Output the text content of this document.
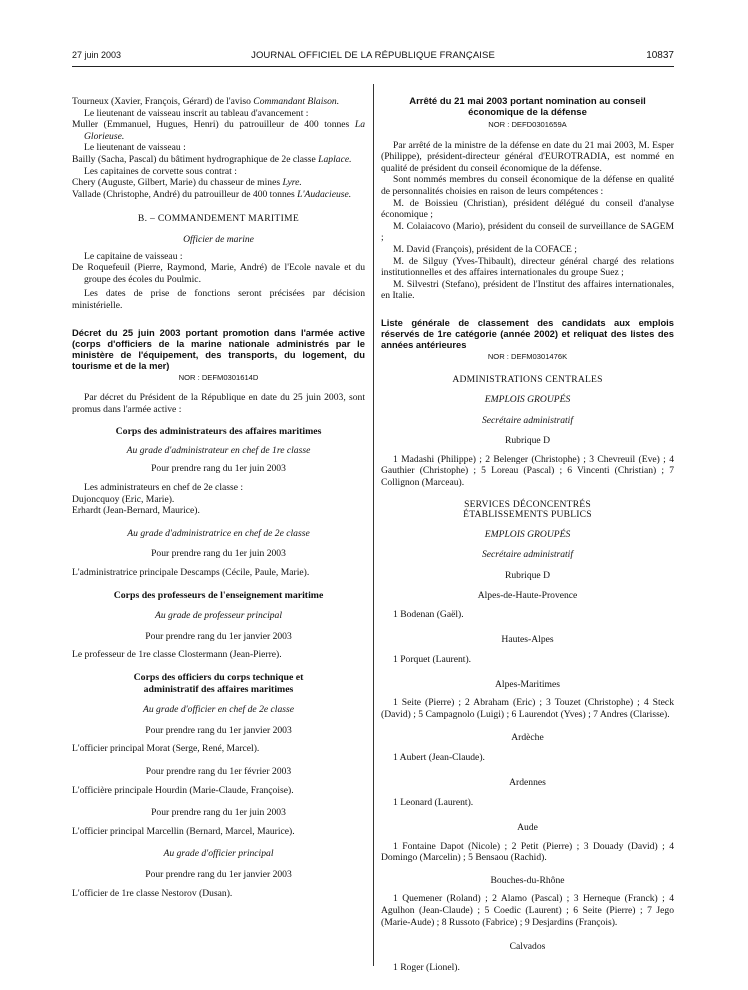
27 juin 2003	JOURNAL OFFICIEL DE LA RÉPUBLIQUE FRANÇAISE	10837

Tourneux (Xavier, François, Gérard) de l'aviso Commandant Blaison.

Le lieutenant de vaisseau inscrit au tableau d'avancement :

Muller (Emmanuel, Hugues, Henri) du patrouilleur de 400 tonnes La Glorieuse.

Le lieutenant de vaisseau :

Bailly (Sacha, Pascal) du bâtiment hydrographique de 2e classe Laplace.

Les capitaines de corvette sous contrat :

Chery (Auguste, Gilbert, Marie) du chasseur de mines Lyre.

Vallade (Christophe, André) du patrouilleur de 400 tonnes L'Audacieuse.

B. – COMMANDEMENT MARITIME

Officier de marine

Le capitaine de vaisseau :

De Roquefeuil (Pierre, Raymond, Marie, André) de l'Ecole navale et du groupe des écoles du Poulmic.

Les dates de prise de fonctions seront précisées par décision ministérielle.

Décret du 25 juin 2003 portant promotion dans l'armée active (corps d'officiers de la marine nationale administrés par le ministère de l'équipement, des transports, du logement, du tourisme et de la mer)

NOR : DEFM0301614D

Par décret du Président de la République en date du 25 juin 2003, sont promus dans l'armée active :

Corps des administrateurs des affaires maritimes

Au grade d'administrateur en chef de 1re classe

Pour prendre rang du 1er juin 2003

Les administrateurs en chef de 2e classe :

Dujoncquoy (Eric, Marie).

Erhardt (Jean-Bernard, Maurice).

Au grade d'administratrice en chef de 2e classe

Pour prendre rang du 1er juin 2003

L'administratrice principale Descamps (Cécile, Paule, Marie).

Corps des professeurs de l'enseignement maritime

Au grade de professeur principal

Pour prendre rang du 1er janvier 2003

Le professeur de 1re classe Clostermann (Jean-Pierre).

Corps des officiers du corps technique et administratif des affaires maritimes

Au grade d'officier en chef de 2e classe

Pour prendre rang du 1er janvier 2003

L'officier principal Morat (Serge, René, Marcel).

Pour prendre rang du 1er février 2003

L'officière principale Hourdin (Marie-Claude, Françoise).

Pour prendre rang du 1er juin 2003

L'officier principal Marcellin (Bernard, Marcel, Maurice).

Au grade d'officier principal

Pour prendre rang du 1er janvier 2003

L'officier de 1re classe Nestorov (Dusan).

Arrêté du 21 mai 2003 portant nomination au conseil économique de la défense

NOR : DEFD0301659A

Par arrêté de la ministre de la défense en date du 21 mai 2003, M. Esper (Philippe), président-directeur général d'EUROTRADIA, est nommé en qualité de président du conseil économique de la défense.

Sont nommés membres du conseil économique de la défense en qualité de personnalités choisies en raison de leurs compétences :

M. de Boissieu (Christian), président délégué du conseil d'analyse économique ;

M. Colaiacovo (Mario), président du conseil de surveillance de SAGEM ;

M. David (François), président de la COFACE ;

M. de Silguy (Yves-Thibault), directeur général chargé des relations institutionnelles et des affaires internationales du groupe Suez ;

M. Silvestri (Stefano), président de l'Institut des affaires internationales, en Italie.

Liste générale de classement des candidats aux emplois réservés de 1re catégorie (année 2002) et reliquat des listes des années antérieures

NOR : DEFM0301476K

ADMINISTRATIONS CENTRALES

EMPLOIS GROUPÉS

Secrétaire administratif

Rubrique D

1 Madashi (Philippe) ; 2 Belenger (Christophe) ; 3 Chevreuil (Eve) ; 4 Gauthier (Christophe) ; 5 Loreau (Pascal) ; 6 Vincenti (Christian) ; 7 Collignon (Marceau).

SERVICES DÉCONCENTRÉS

ÉTABLISSEMENTS PUBLICS

EMPLOIS GROUPÉS

Secrétaire administratif

Rubrique D

Alpes-de-Haute-Provence

1 Bodenan (Gaël).

Hautes-Alpes

1 Porquet (Laurent).

Alpes-Maritimes

1 Seite (Pierre) ; 2 Abraham (Eric) ; 3 Touzet (Christophe) ; 4 Steck (David) ; 5 Campagnolo (Luigi) ; 6 Laurendot (Yves) ; 7 Andres (Clarisse).

Ardèche

1 Aubert (Jean-Claude).

Ardennes

1 Leonard (Laurent).

Aude

1 Fontaine Dapot (Nicole) ; 2 Petit (Pierre) ; 3 Douady (David) ; 4 Domingo (Marcelin) ; 5 Bensaou (Rachid).

Bouches-du-Rhône

1 Quemener (Roland) ; 2 Alamo (Pascal) ; 3 Herneque (Franck) ; 4 Agulhon (Jean-Claude) ; 5 Coedic (Laurent) ; 6 Seite (Pierre) ; 7 Jego (Marie-Aude) ; 8 Russoto (Fabrice) ; 9 Desjardins (François).

Calvados

1 Roger (Lionel).
